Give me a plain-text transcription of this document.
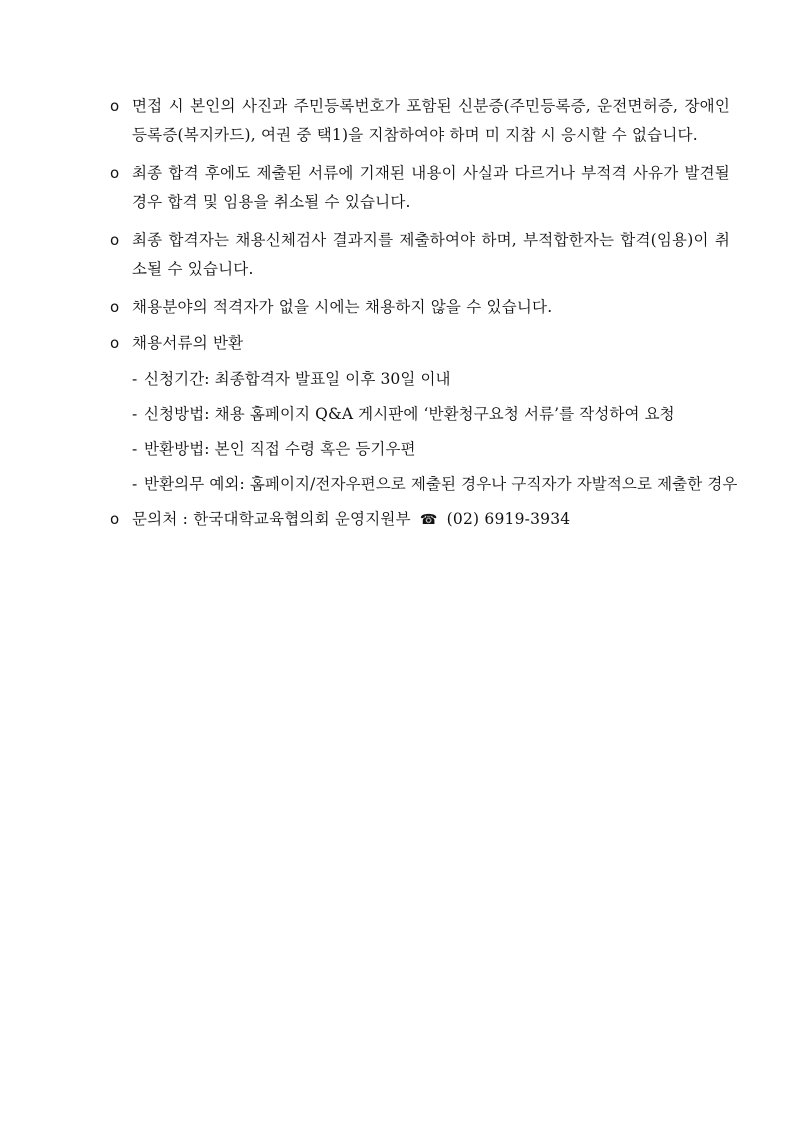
o 면접 시 본인의 사진과 주민등록번호가 포함된 신분증(주민등록증, 운전면허증, 장애인등록증(복지카드), 여권 중 택1)을 지참하여야 하며 미 지참 시 응시할 수 없습니다.
o 최종 합격 후에도 제출된 서류에 기재된 내용이 사실과 다르거나 부적격 사유가 발견될 경우 합격 및 임용을 취소될 수 있습니다.
o 최종 합격자는 채용신체검사 결과지를 제출하여야 하며, 부적합한자는 합격(임용)이 취소될 수 있습니다.
o 채용분야의 적격자가 없을 시에는 채용하지 않을 수 있습니다.
o 채용서류의 반환
- 신청기간: 최종합격자 발표일 이후 30일 이내
- 신청방법: 채용 홈페이지 Q&A 게시판에 ‘반환청구요청 서류’를 작성하여 요청
- 반환방법: 본인 직접 수령 혹은 등기우편
- 반환의무 예외: 홈페이지/전자우편으로 제출된 경우나 구직자가 자발적으로 제출한 경우
o 문의처 : 한국대학교육협의회 운영지원부 ☎ (02) 6919-3934
